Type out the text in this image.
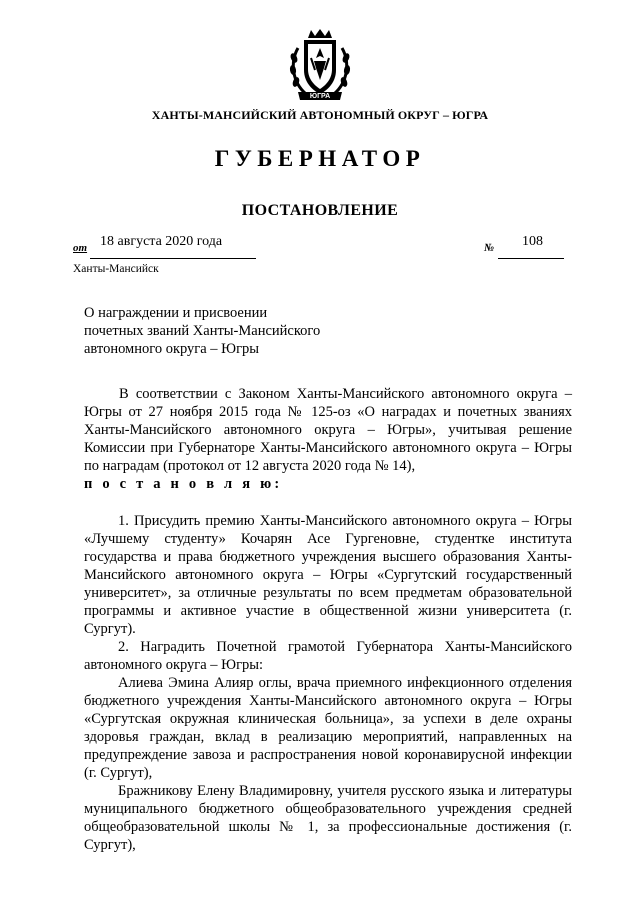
ЮГРА
ХАНТЫ-МАНСИЙСКИЙ АВТОНОМНЫЙ ОКРУГ – ЮГРА
ГУБЕРНАТОР
ПОСТАНОВЛЕНИЕ
от 18 августа 2020 года	№ 108
Ханты-Мансийск
О награждении и присвоении
почетных званий Ханты-Мансийского
автономного округа – Югры

В соответствии с Законом Ханты-Мансийского автономного округа – Югры от 27 ноября 2015 года № 125-оз «О наградах и почетных званиях Ханты-Мансийского автономного округа – Югры», учитывая решение Комиссии при Губернаторе Ханты-Мансийского автономного округа – Югры по наградам (протокол от 12 августа 2020 года № 14),

п о с т а н о в л я ю:

1. Присудить премию Ханты-Мансийского автономного округа – Югры «Лучшему студенту» Кочарян Асе Гургеновне, студентке института государства и права бюджетного учреждения высшего образования Ханты-Мансийского автономного округа – Югры «Сургутский государственный университет», за отличные результаты по всем предметам образовательной программы и активное участие в общественной жизни университета (г. Сургут).

2. Наградить Почетной грамотой Губернатора Ханты-Мансийского автономного округа – Югры:

Алиева Эмина Алияр оглы, врача приемного инфекционного отделения бюджетного учреждения Ханты-Мансийского автономного округа – Югры «Сургутская окружная клиническая больница», за успехи в деле охраны здоровья граждан, вклад в реализацию мероприятий, направленных на предупреждение завоза и распространения новой коронавирусной инфекции (г. Сургут),

Бражникову Елену Владимировну, учителя русского языка и литературы муниципального бюджетного общеобразовательного учреждения средней общеобразовательной школы № 1, за профессиональные достижения (г. Сургут),
